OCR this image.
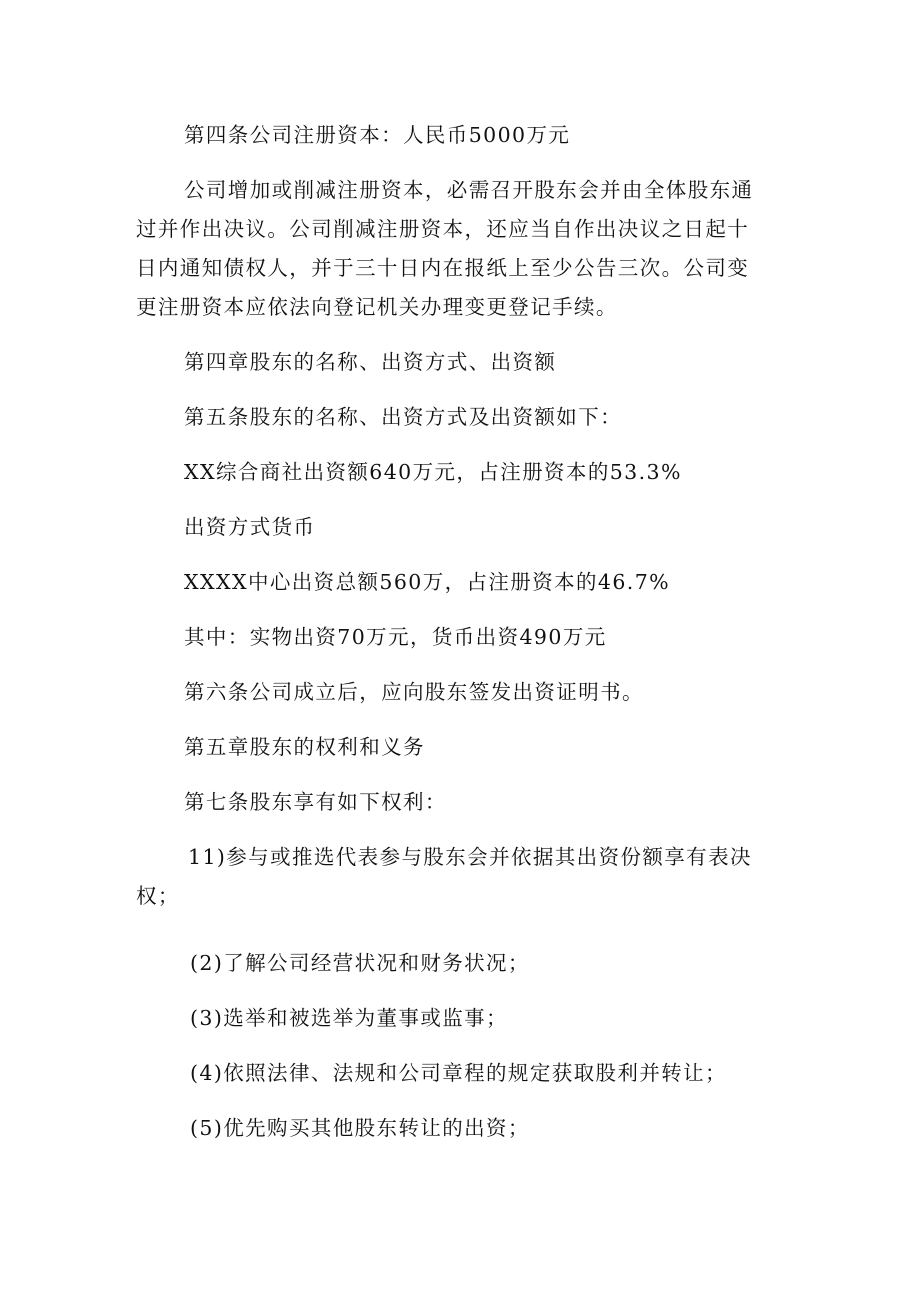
第四条公司注册资本：人民币5000万元

公司增加或削减注册资本，必需召开股东会并由全体股东通

过并作出决议。公司削减注册资本，还应当自作出决议之日起十

日内通知债权人，并于三十日内在报纸上至少公告三次。公司变

更注册资本应依法向登记机关办理变更登记手续。

第四章股东的名称、出资方式、出资额

第五条股东的名称、出资方式及出资额如下：

XX综合商社出资额640万元，占注册资本的53.3%

出资方式货币

XXXX中心出资总额560万，占注册资本的46.7%

其中：实物出资70万元，货币出资490万元

第六条公司成立后，应向股东签发出资证明书。

第五章股东的权利和义务

第七条股东享有如下权利：

11)参与或推选代表参与股东会并依据其出资份额享有表决

权；

(2)了解公司经营状况和财务状况；

(3)选举和被选举为董事或监事；

(4)依照法律、法规和公司章程的规定获取股利并转让；

(5)优先购买其他股东转让的出资；
